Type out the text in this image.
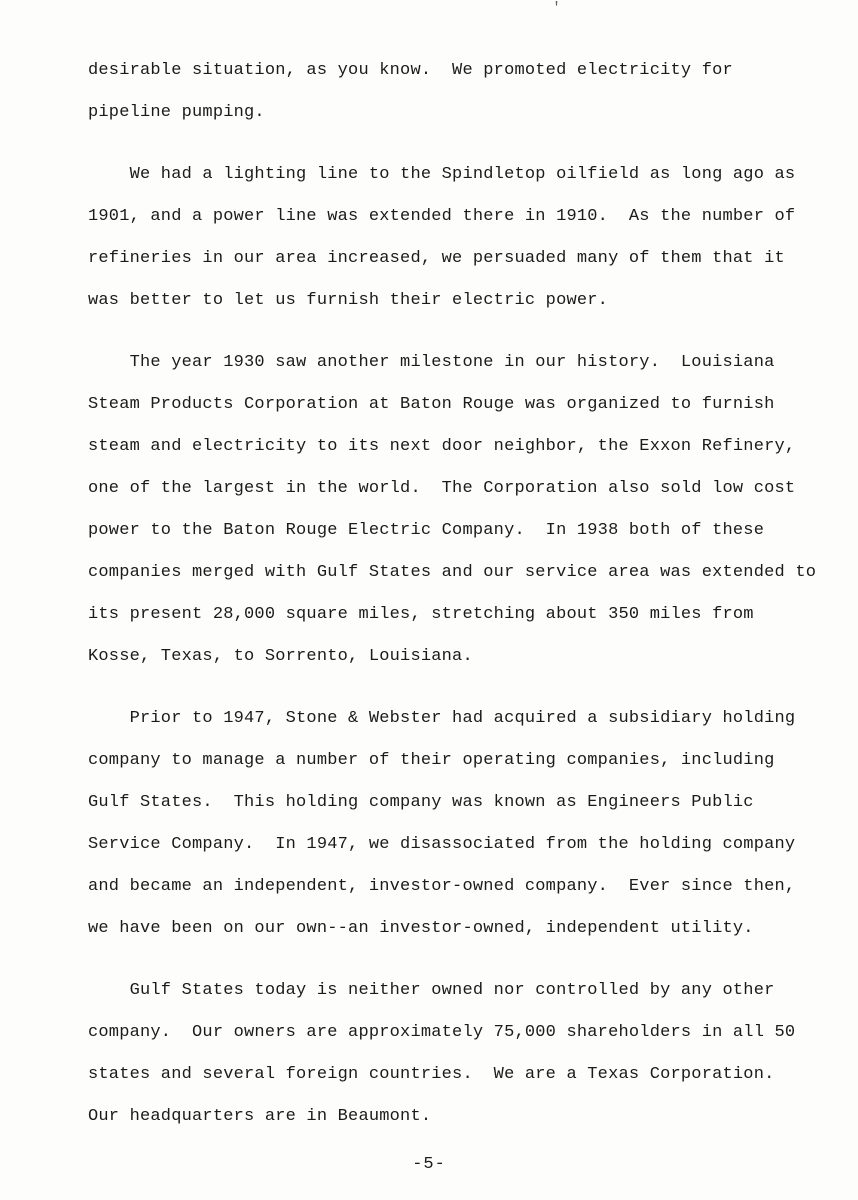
'
desirable situation, as you know.  We promoted electricity for
pipeline pumping.
We had a lighting line to the Spindletop oilfield as long ago as
1901, and a power line was extended there in 1910.  As the number of
refineries in our area increased, we persuaded many of them that it
was better to let us furnish their electric power.
The year 1930 saw another milestone in our history.  Louisiana
Steam Products Corporation at Baton Rouge was organized to furnish
steam and electricity to its next door neighbor, the Exxon Refinery,
one of the largest in the world.  The Corporation also sold low cost
power to the Baton Rouge Electric Company.  In 1938 both of these
companies merged with Gulf States and our service area was extended to
its present 28,000 square miles, stretching about 350 miles from
Kosse, Texas, to Sorrento, Louisiana.
Prior to 1947, Stone & Webster had acquired a subsidiary holding
company to manage a number of their operating companies, including
Gulf States.  This holding company was known as Engineers Public
Service Company.  In 1947, we disassociated from the holding company
and became an independent, investor-owned company.  Ever since then,
we have been on our own--an investor-owned, independent utility.
Gulf States today is neither owned nor controlled by any other
company.  Our owners are approximately 75,000 shareholders in all 50
states and several foreign countries.  We are a Texas Corporation.
Our headquarters are in Beaumont.
-5-
